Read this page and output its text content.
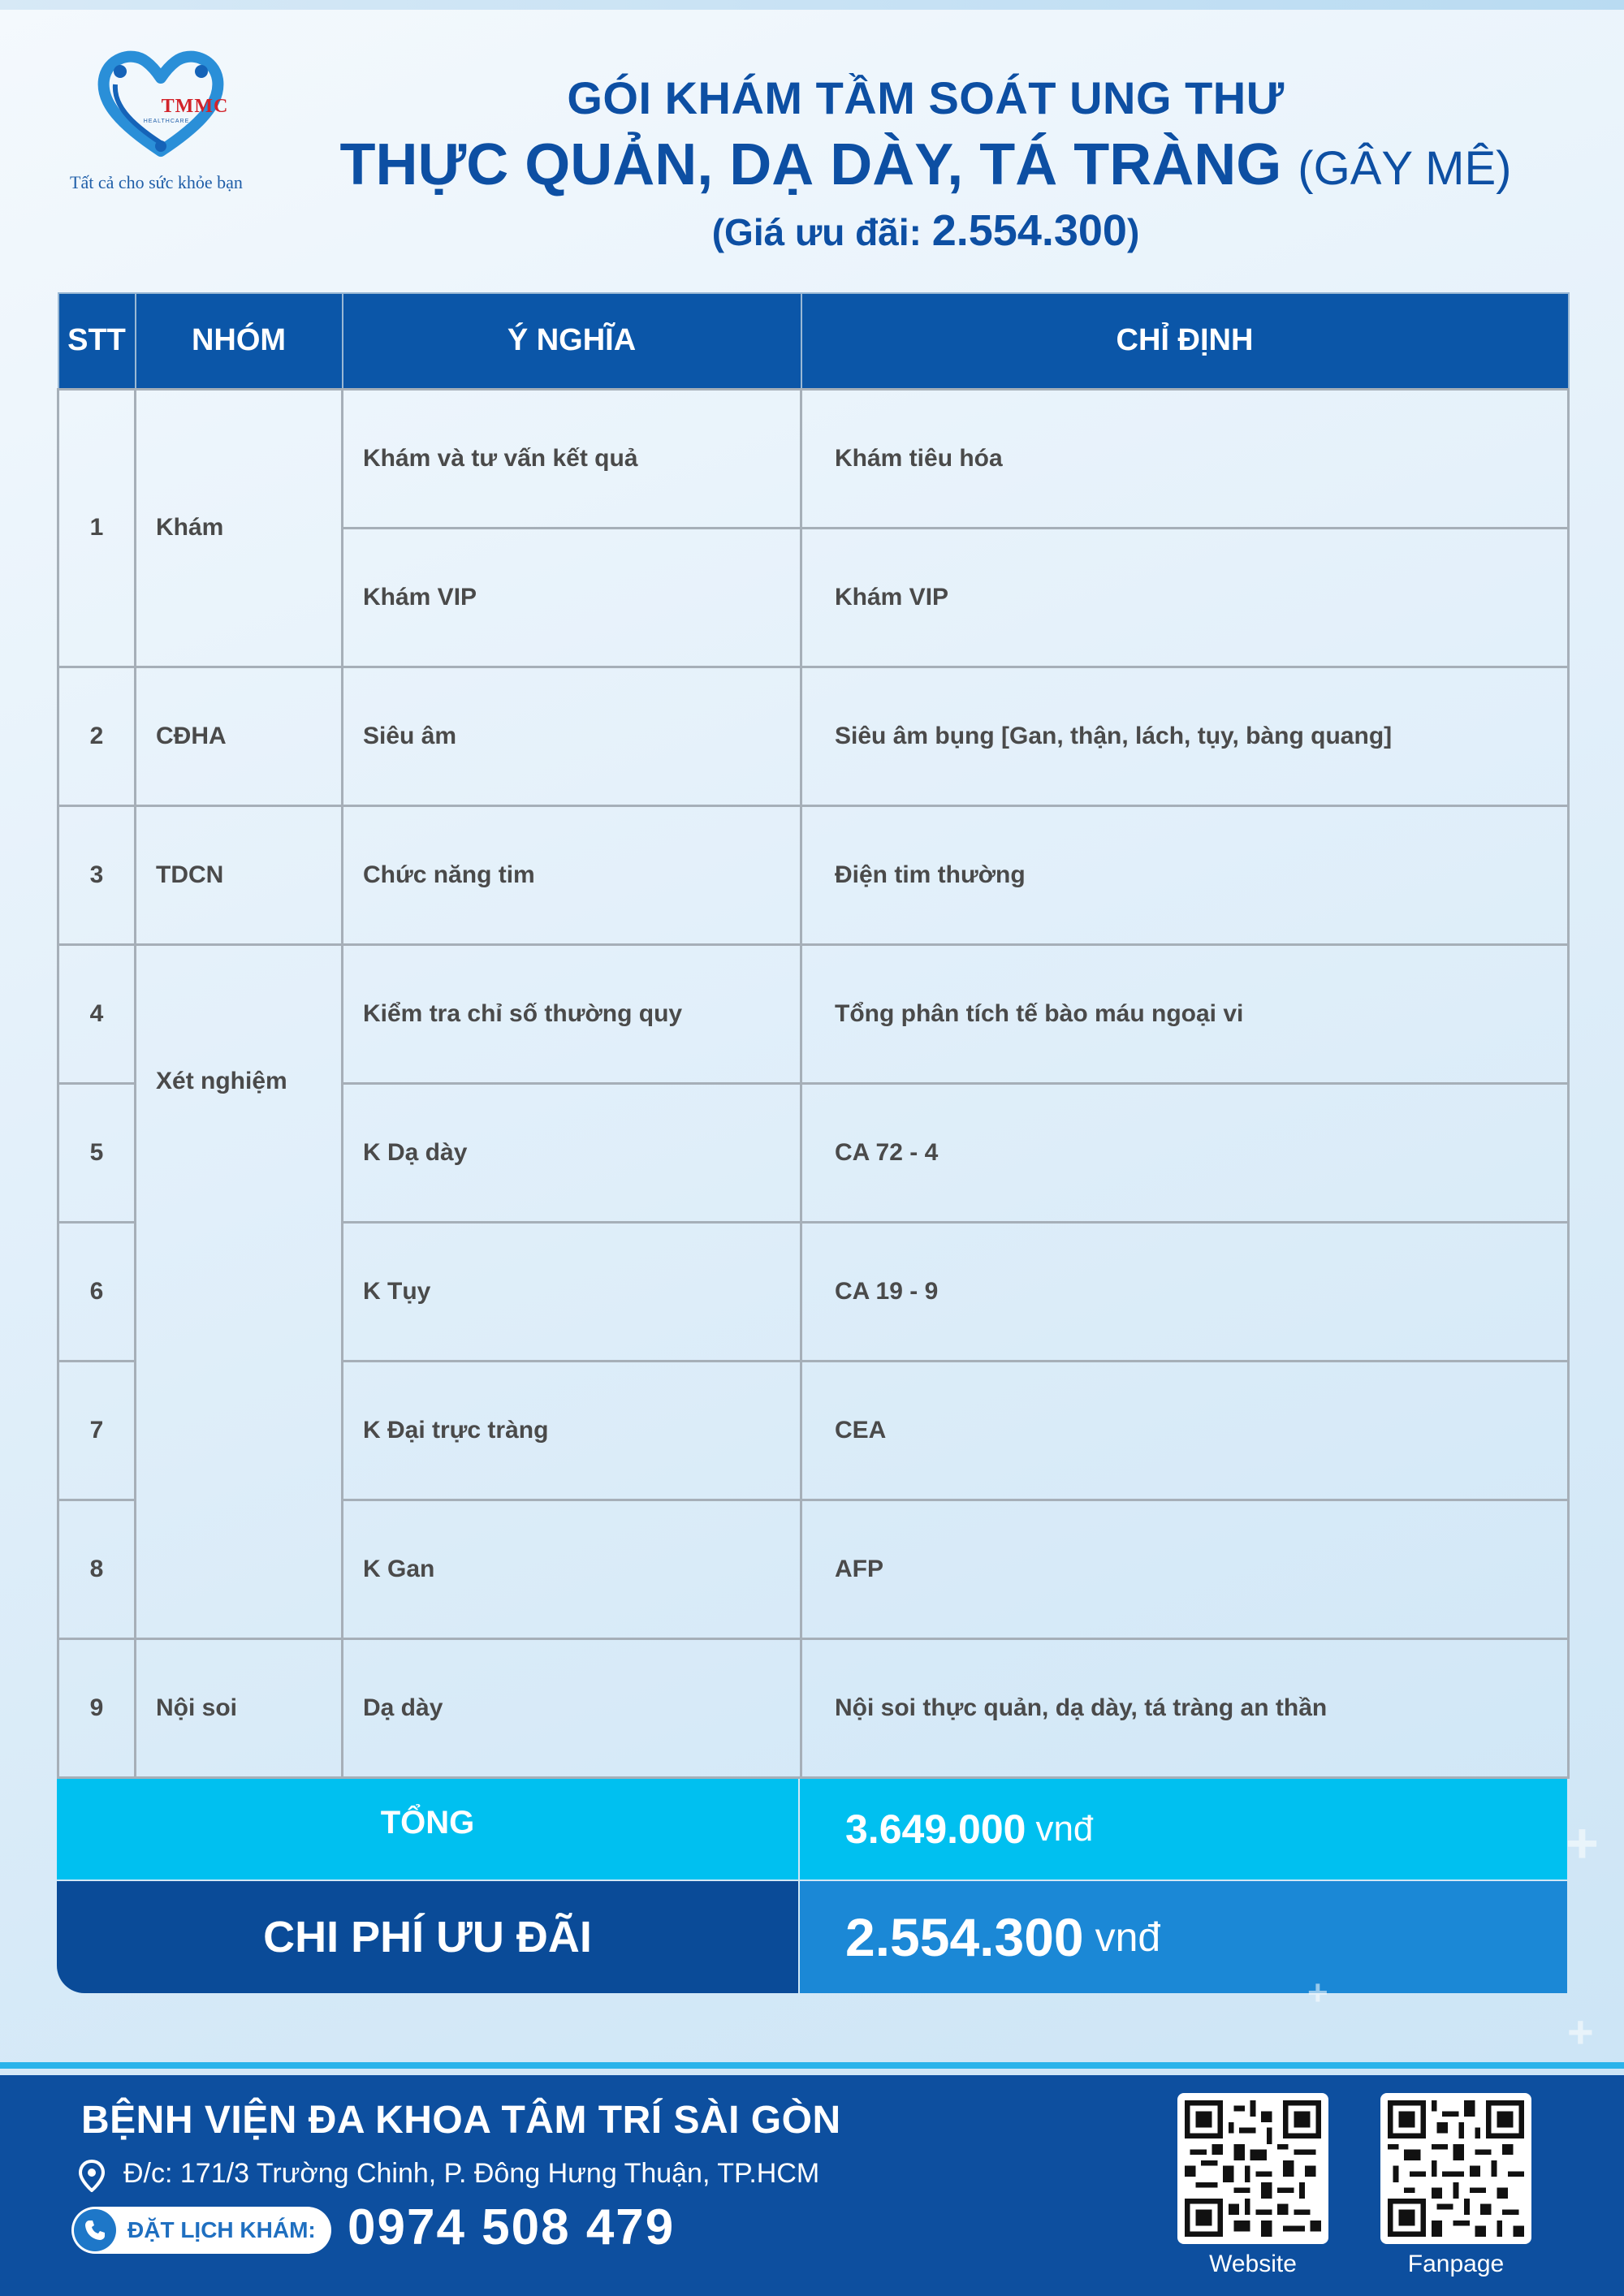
TMMC
HEALTHCARE
Tất cả cho sức khỏe bạn
GÓI KHÁM TẦM SOÁT UNG THƯ
THỰC QUẢN, DẠ DÀY, TÁ TRÀNG (GÂY MÊ)
(Giá ưu đãi: 2.554.300)
STT	NHÓM	Ý NGHĨA	CHỈ ĐỊNH
1	Khám	Khám và tư vấn kết quả	Khám tiêu hóa
		Khám VIP	Khám VIP
2	CĐHA	Siêu âm	Siêu âm bụng [Gan, thận, lách, tụy, bàng quang]
3	TDCN	Chức năng tim	Điện tim thường
4	Xét nghiệm	Kiểm tra chỉ số thường quy	Tổng phân tích tế bào máu ngoại vi
5		K Dạ dày	CA 72 - 4
6		K Tụy	CA 19 - 9
7		K Đại trực tràng	CEA
8		K Gan	AFP
9	Nội soi	Dạ dày	Nội soi thực quản, dạ dày, tá tràng an thần
TỔNG	3.649.000 vnđ
CHI PHÍ ƯU ĐÃI	2.554.300 vnđ
+
+
+
BỆNH VIỆN ĐA KHOA TÂM TRÍ SÀI GÒN
Đ/c: 171/3 Trường Chinh, P. Đông Hưng Thuận, TP.HCM
ĐẶT LỊCH KHÁM: 0974 508 479
Website	Fanpage
